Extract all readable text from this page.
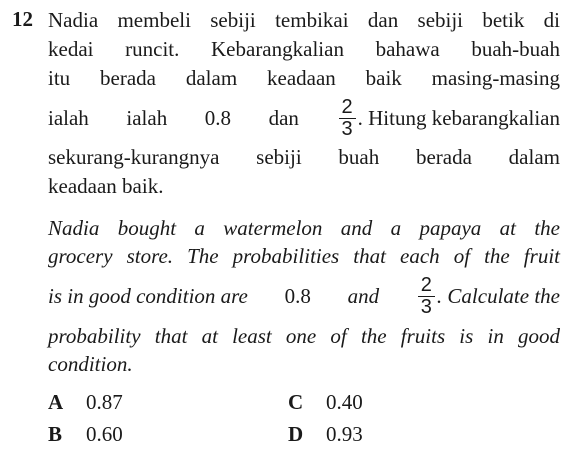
12 Nadia membeli sebiji tembikai dan sebiji betik di
kedai runcit. Kebarangkalian bahawa buah-buah
itu berada dalam keadaan baik masing-masing
ialah ialah 0.8 dan $\frac{2}{3}$ . Hitung kebarangkalian
sekurang-kurangnya sebiji buah berada dalam
keadaan baik.
Nadia bought a watermelon and a papaya at the
grocery store. The probabilities that each of the fruit
is in good condition are 0.8 and $\frac{2}{3}$ . Calculate the
probability that at least one of the fruits is in good
condition.
A	0.87	C	0.40
B	0.60	D	0.93
